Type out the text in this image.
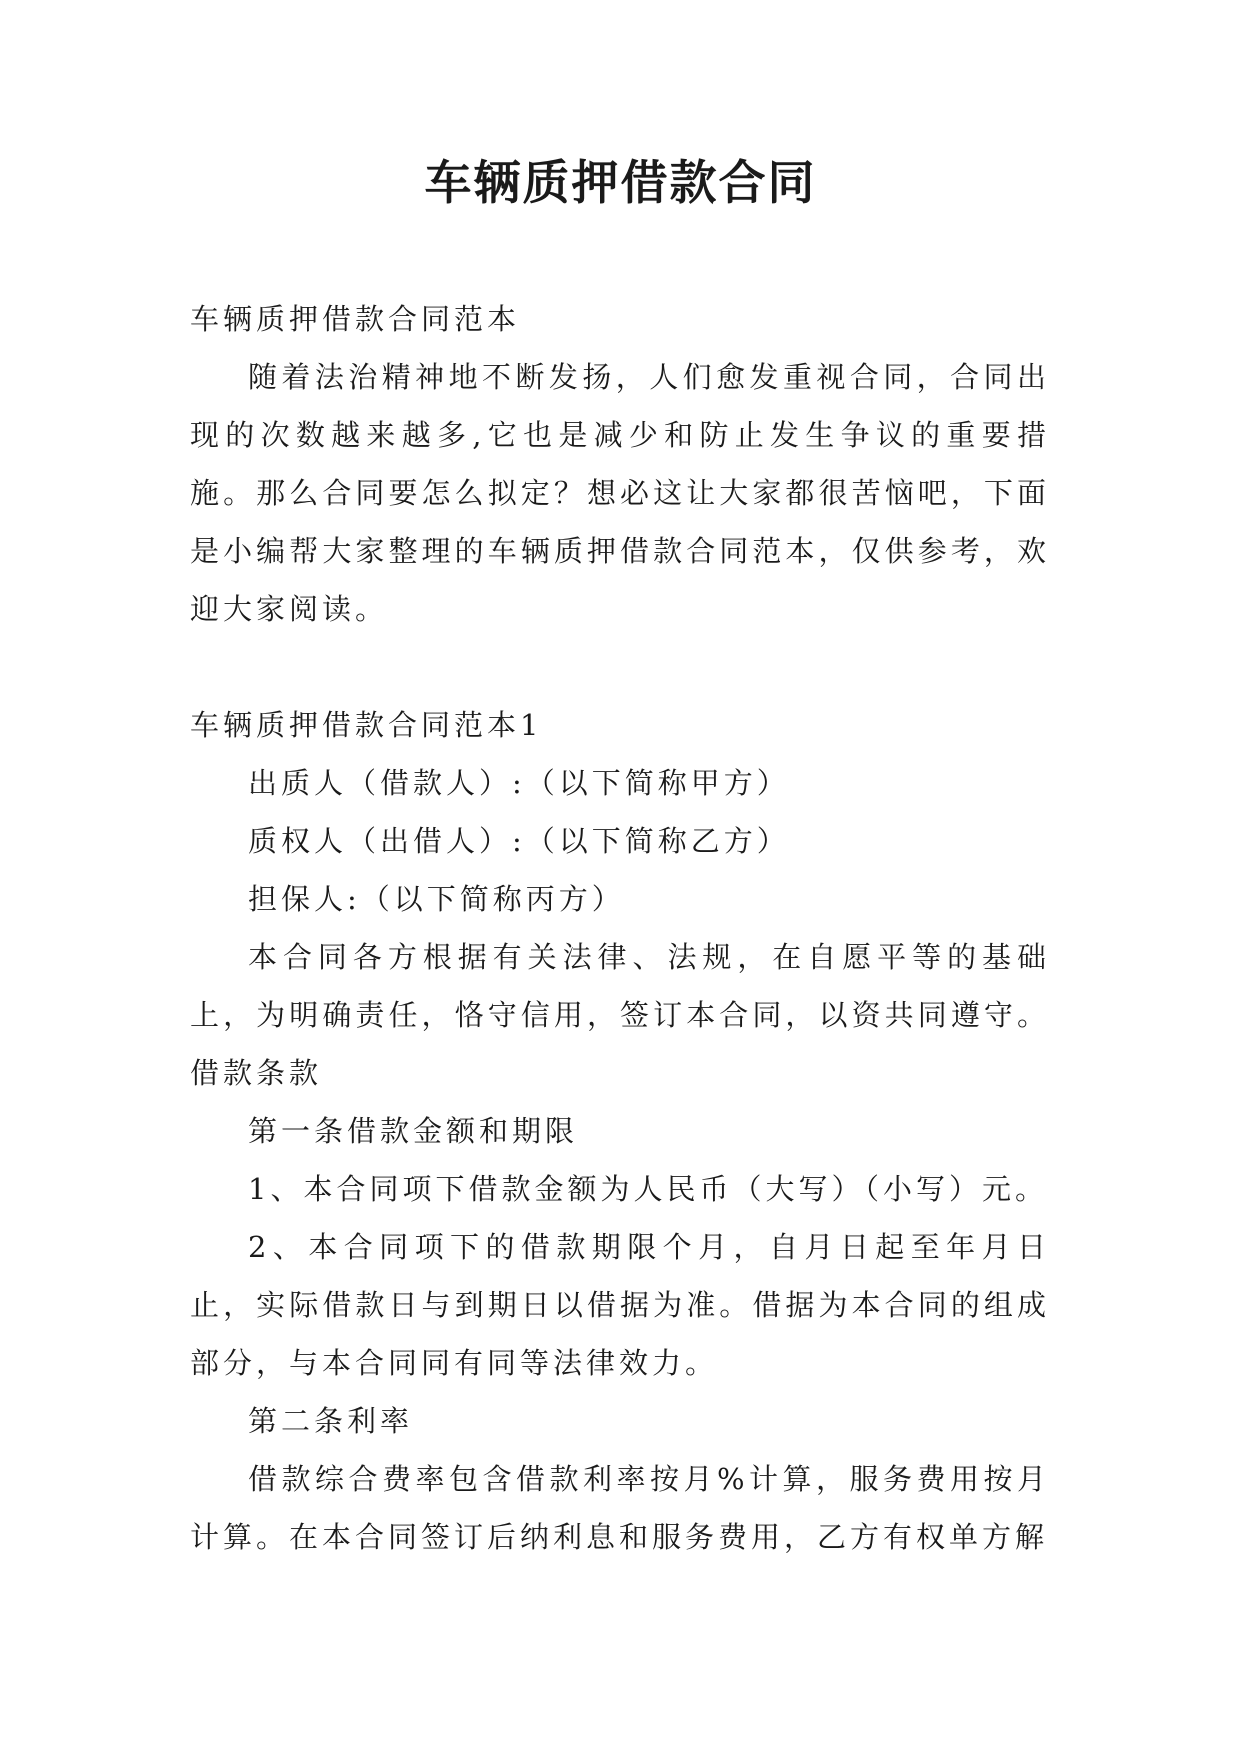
车辆质押借款合同

车辆质押借款合同范本

随着法治精神地不断发扬，人们愈发重视合同，合同出现的次数越来越多,它也是减少和防止发生争议的重要措施。那么合同要怎么拟定？想必这让大家都很苦恼吧，下面是小编帮大家整理的车辆质押借款合同范本，仅供参考，欢迎大家阅读。

车辆质押借款合同范本1

出质人（借款人）:（以下简称甲方）

质权人（出借人）:（以下简称乙方）

担保人:（以下简称丙方）

本合同各方根据有关法律、法规，在自愿平等的基础上，为明确责任，恪守信用，签订本合同，以资共同遵守。借款条款

第一条借款金额和期限

1、本合同项下借款金额为人民币（大写）（小写）元。

2、本合同项下的借款期限个月，自月日起至年月日止，实际借款日与到期日以借据为准。借据为本合同的组成部分，与本合同同有同等法律效力。

第二条利率

借款综合费率包含借款利率按月%计算，服务费用按月计算。在本合同签订后纳利息和服务费用，乙方有权单方解
